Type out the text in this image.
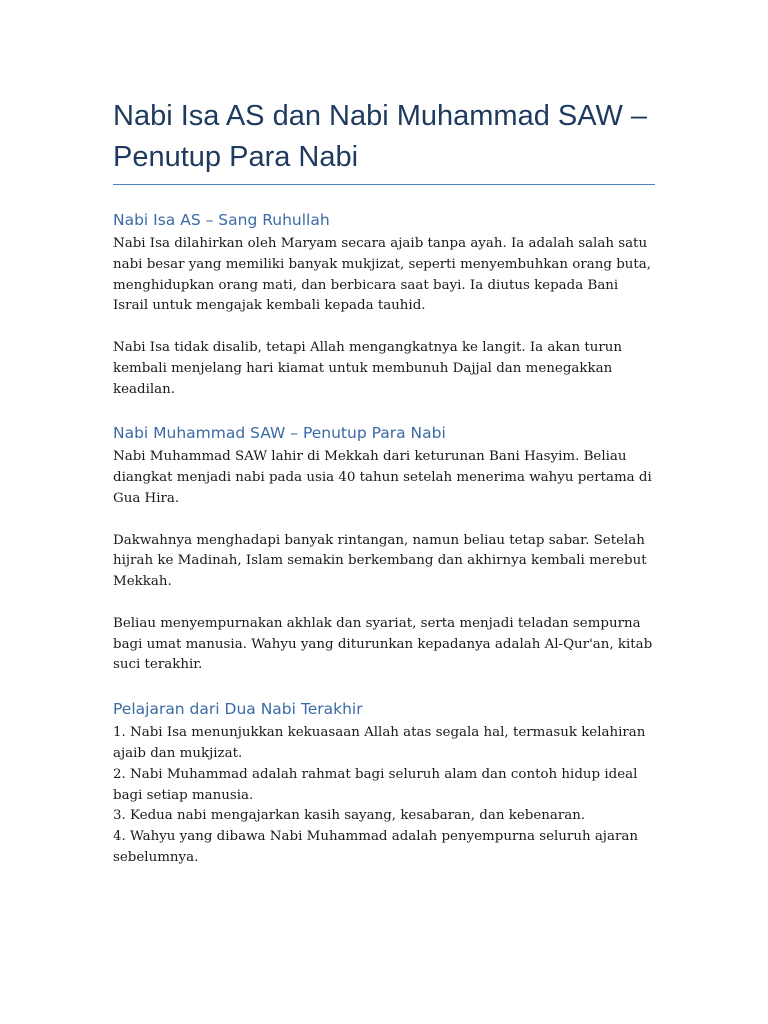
Nabi Isa AS dan Nabi Muhammad SAW – Penutup Para Nabi
Nabi Isa AS – Sang Ruhullah

Nabi Isa dilahirkan oleh Maryam secara ajaib tanpa ayah. Ia adalah salah satu nabi besar yang memiliki banyak mukjizat, seperti menyembuhkan orang buta, menghidupkan orang mati, dan berbicara saat bayi. Ia diutus kepada Bani Israil untuk mengajak kembali kepada tauhid.

Nabi Isa tidak disalib, tetapi Allah mengangkatnya ke langit. Ia akan turun kembali menjelang hari kiamat untuk membunuh Dajjal dan menegakkan keadilan.

Nabi Muhammad SAW – Penutup Para Nabi

Nabi Muhammad SAW lahir di Mekkah dari keturunan Bani Hasyim. Beliau diangkat menjadi nabi pada usia 40 tahun setelah menerima wahyu pertama di Gua Hira.

Dakwahnya menghadapi banyak rintangan, namun beliau tetap sabar. Setelah hijrah ke Madinah, Islam semakin berkembang dan akhirnya kembali merebut Mekkah.

Beliau menyempurnakan akhlak dan syariat, serta menjadi teladan sempurna bagi umat manusia. Wahyu yang diturunkan kepadanya adalah Al-Qur'an, kitab suci terakhir.

Pelajaran dari Dua Nabi Terakhir
1. Nabi Isa menunjukkan kekuasaan Allah atas segala hal, termasuk kelahiran ajaib dan mukjizat.
2. Nabi Muhammad adalah rahmat bagi seluruh alam dan contoh hidup ideal bagi setiap manusia.
3. Kedua nabi mengajarkan kasih sayang, kesabaran, dan kebenaran.
4. Wahyu yang dibawa Nabi Muhammad adalah penyempurna seluruh ajaran sebelumnya.
